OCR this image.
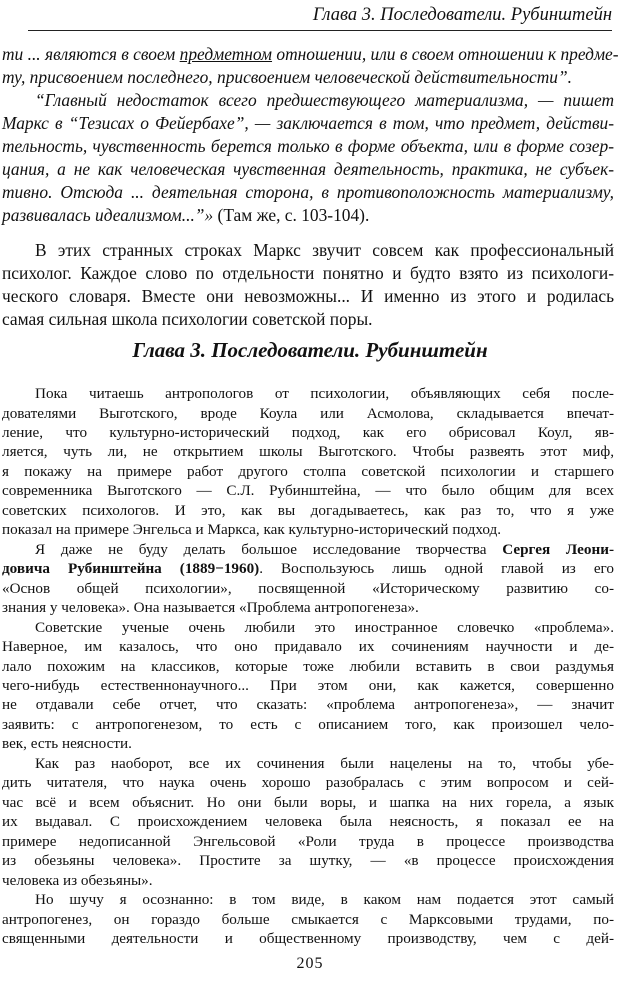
Глава 3. Последователи. Рубинштейн
ти ... являются в своем предметном отношении, или в своем отношении к предме-
ту, присвоением последнего, присвоением человеческой действительности”.
“Главный недостаток всего предшествующего материализма, — пишет
Маркс в “Тезисах о Фейербахе”, — заключается в том, что предмет, действи-
тельность, чувственность берется только в форме объекта, или в форме созер-
цания, а не как человеческая чувственная деятельность, практика, не субъек-
тивно. Отсюда ... деятельная сторона, в противоположность материализму,
развивалась идеализмом...”» (Там же, с. 103-104).
В этих странных строках Маркс звучит совсем как профессиональный
психолог. Каждое слово по отдельности понятно и будто взято из психологи-
ческого словаря. Вместе они невозможны... И именно из этого и родилась
самая сильная школа психологии советской поры.
Глава 3. Последователи. Рубинштейн
Пока читаешь антропологов от психологии, объявляющих себя после-
дователями Выготского, вроде Коула или Асмолова, складывается впечат-
ление, что культурно-исторический подход, как его обрисовал Коул, яв-
ляется, чуть ли, не открытием школы Выготского. Чтобы развеять этот миф,
я покажу на примере работ другого столпа советской психологии и старшего
современника Выготского — С.Л. Рубинштейна, — что было общим для всех
советских психологов. И это, как вы догадываетесь, как раз то, что я уже
показал на примере Энгельса и Маркса, как культурно-исторический подход.
Я даже не буду делать большое исследование творчества Сергея Леони-
довича Рубинштейна (1889−1960). Воспользуюсь лишь одной главой из его
«Основ общей психологии», посвященной «Историческому развитию со-
знания у человека». Она называется «Проблема антропогенеза».
Советские ученые очень любили это иностранное словечко «проблема».
Наверное, им казалось, что оно придавало их сочинениям научности и де-
лало похожим на классиков, которые тоже любили вставить в свои раздумья
чего-нибудь естественнонаучного... При этом они, как кажется, совершенно
не отдавали себе отчет, что сказать: «проблема антропогенеза», — значит
заявить: с антропогенезом, то есть с описанием того, как произошел чело-
век, есть неясности.
Как раз наоборот, все их сочинения были нацелены на то, чтобы убе-
дить читателя, что наука очень хорошо разобралась с этим вопросом и сей-
час всё и всем объяснит. Но они были воры, и шапка на них горела, а язык
их выдавал. С происхождением человека была неясность, я показал ее на
примере недописанной Энгельсовой «Роли труда в процессе производства
из обезьяны человека». Простите за шутку, — «в процессе происхождения
человека из обезьяны».
205
Но шучу я осознанно: в том виде, в каком нам подается этот самый
антропогенез, он гораздо больше смыкается с Марксовыми трудами, по-
священными деятельности и общественному производству, чем с дей-
